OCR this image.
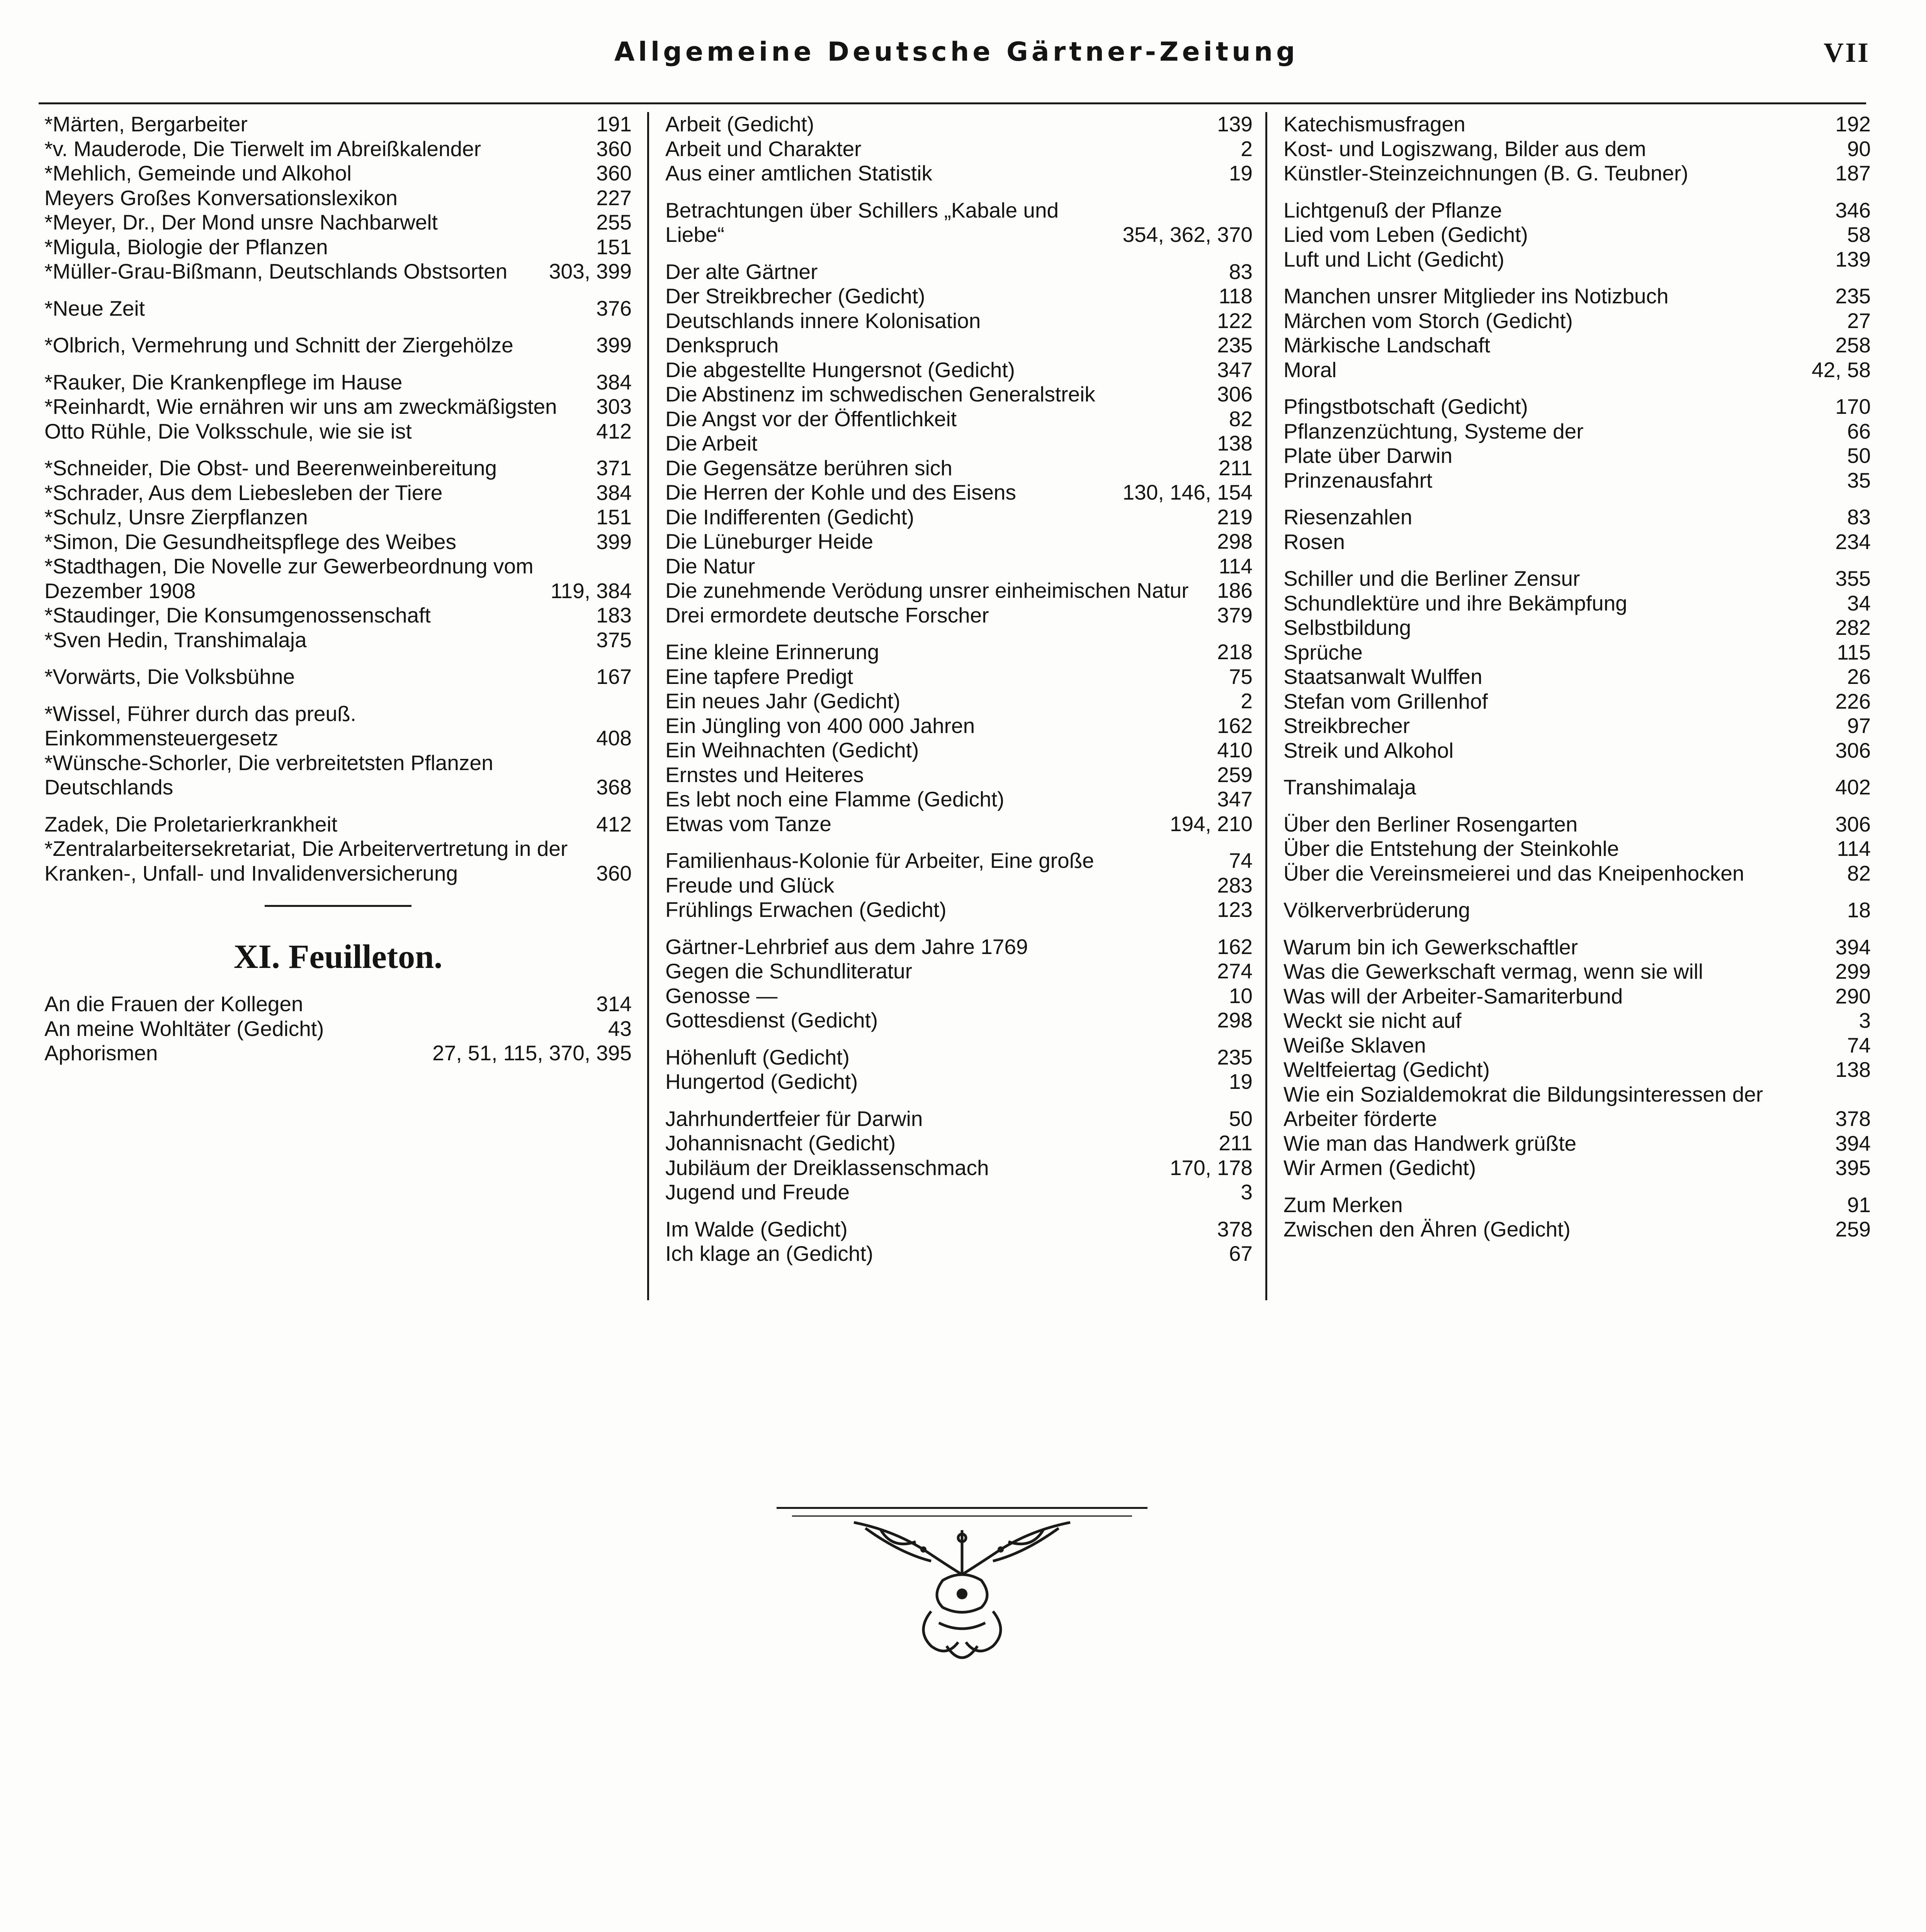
Allgemeine Deutsche Gärtner-Zeitung	VII
*Märten, Bergarbeiter	191
*v. Mauderode, Die Tierwelt im Abreißkalender	360
*Mehlich, Gemeinde und Alkohol	360
Meyers Großes Konversationslexikon	227
*Meyer, Dr., Der Mond unsre Nachbarwelt	255
*Migula, Biologie der Pflanzen	151
*Müller-Grau-Bißmann, Deutschlands Obstsorten	303, 399
*Neue Zeit	376
*Olbrich, Vermehrung und Schnitt der Ziergehölze	399
*Rauker, Die Krankenpflege im Hause	384
*Reinhardt, Wie ernähren wir uns am zweckmäßigsten	303
Otto Rühle, Die Volksschule, wie sie ist	412
*Schneider, Die Obst- und Beerenweinbereitung	371
*Schrader, Aus dem Liebesleben der Tiere	384
*Schulz, Unsre Zierpflanzen	151
*Simon, Die Gesundheitspflege des Weibes	399
*Stadthagen, Die Novelle zur Gewerbeordnung vom Dezember 1908	119, 384
*Staudinger, Die Konsumgenossenschaft	183
*Sven Hedin, Transhimalaja	375
*Vorwärts, Die Volksbühne	167
*Wissel, Führer durch das preuß. Einkommensteuergesetz	408
*Wünsche-Schorler, Die verbreitetsten Pflanzen Deutschlands	368
Zadek, Die Proletarierkrankheit	412
*Zentralarbeitersekretariat, Die Arbeitervertretung in der Kranken-, Unfall- und Invalidenversicherung	360
XI. Feuilleton.
An die Frauen der Kollegen	314
An meine Wohltäter (Gedicht)	43
Aphorismen	27, 51, 115, 370, 395
Arbeit (Gedicht)	139
Arbeit und Charakter	2
Aus einer amtlichen Statistik	19
Betrachtungen über Schillers „Kabale und Liebe“	354, 362, 370
Der alte Gärtner	83
Der Streikbrecher (Gedicht)	118
Deutschlands innere Kolonisation	122
Denkspruch	235
Die abgestellte Hungersnot (Gedicht)	347
Die Abstinenz im schwedischen Generalstreik	306
Die Angst vor der Öffentlichkeit	82
Die Arbeit	138
Die Gegensätze berühren sich	211
Die Herren der Kohle und des Eisens	130, 146, 154
Die Indifferenten (Gedicht)	219
Die Lüneburger Heide	298
Die Natur	114
Die zunehmende Verödung unsrer einheimischen Natur	186
Drei ermordete deutsche Forscher	379
Eine kleine Erinnerung	218
Eine tapfere Predigt	75
Ein neues Jahr (Gedicht)	2
Ein Jüngling von 400 000 Jahren	162
Ein Weihnachten (Gedicht)	410
Ernstes und Heiteres	259
Es lebt noch eine Flamme (Gedicht)	347
Etwas vom Tanze	194, 210
Familienhaus-Kolonie für Arbeiter, Eine große	74
Freude und Glück	283
Frühlings Erwachen (Gedicht)	123
Gärtner-Lehrbrief aus dem Jahre 1769	162
Gegen die Schundliteratur	274
Genosse —	10
Gottesdienst (Gedicht)	298
Höhenluft (Gedicht)	235
Hungertod (Gedicht)	19
Jahrhundertfeier für Darwin	50
Johannisnacht (Gedicht)	211
Jubiläum der Dreiklassenschmach	170, 178
Jugend und Freude	3
Im Walde (Gedicht)	378
Ich klage an (Gedicht)	67
Katechismusfragen	192
Kost- und Logiszwang, Bilder aus dem	90
Künstler-Steinzeichnungen (B. G. Teubner)	187
Lichtgenuß der Pflanze	346
Lied vom Leben (Gedicht)	58
Luft und Licht (Gedicht)	139
Manchen unsrer Mitglieder ins Notizbuch	235
Märchen vom Storch (Gedicht)	27
Märkische Landschaft	258
Moral	42, 58
Pfingstbotschaft (Gedicht)	170
Pflanzenzüchtung, Systeme der	66
Plate über Darwin	50
Prinzenausfahrt	35
Riesenzahlen	83
Rosen	234
Schiller und die Berliner Zensur	355
Schundlektüre und ihre Bekämpfung	34
Selbstbildung	282
Sprüche	115
Staatsanwalt Wulffen	26
Stefan vom Grillenhof	226
Streikbrecher	97
Streik und Alkohol	306
Transhimalaja	402
Über den Berliner Rosengarten	306
Über die Entstehung der Steinkohle	114
Über die Vereinsmeierei und das Kneipenhocken	82
Völkerverbrüderung	18
Warum bin ich Gewerkschaftler	394
Was die Gewerkschaft vermag, wenn sie will	299
Was will der Arbeiter-Samariterbund	290
Weckt sie nicht auf	3
Weiße Sklaven	74
Weltfeiertag (Gedicht)	138
Wie ein Sozialdemokrat die Bildungsinteressen der Arbeiter förderte	378
Wie man das Handwerk grüßte	394
Wir Armen (Gedicht)	395
Zum Merken	91
Zwischen den Ähren (Gedicht)	259
